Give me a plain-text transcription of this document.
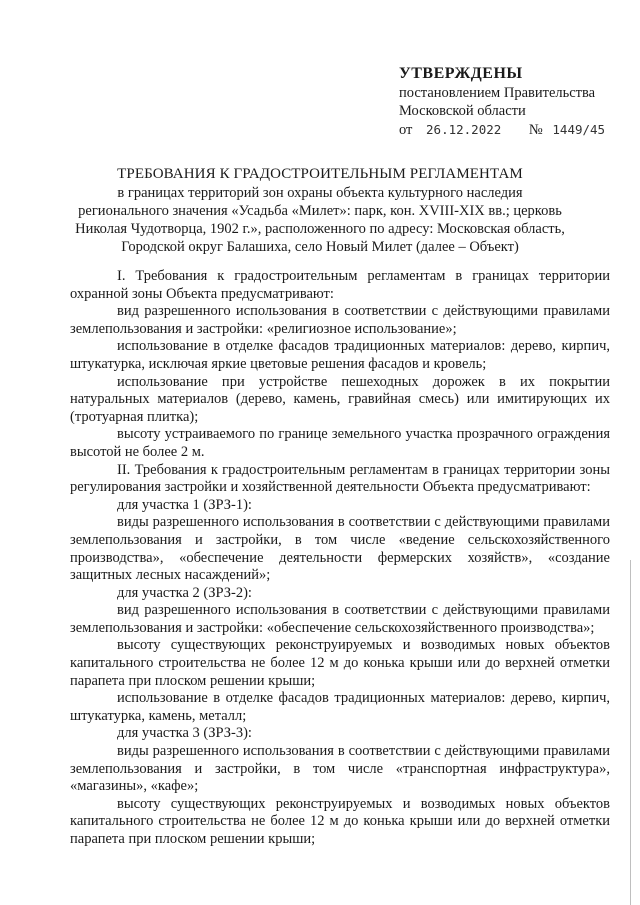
УТВЕРЖДЕНЫ
постановлением Правительства
Московской области
от 26.12.2022 № 1449/45
ТРЕБОВАНИЯ К ГРАДОСТРОИТЕЛЬНЫМ РЕГЛАМЕНТАМ
в границах территорий зон охраны объекта культурного наследия
регионального значения «Усадьба «Милет»: парк, кон. XVIII-XIX вв.; церковь
Николая Чудотворца, 1902 г.», расположенного по адресу: Московская область,
Городской округ Балашиха, село Новый Милет (далее – Объект)

I. Требования к градостроительным регламентам в границах территории охранной зоны Объекта предусматривают:

вид разрешенного использования в соответствии с действующими правилами землепользования и застройки: «религиозное использование»;

использование в отделке фасадов традиционных материалов: дерево, кирпич, штукатурка, исключая яркие цветовые решения фасадов и кровель;

использование при устройстве пешеходных дорожек в их покрытии натуральных материалов (дерево, камень, гравийная смесь) или имитирующих их (тротуарная плитка);

высоту устраиваемого по границе земельного участка прозрачного ограждения высотой не более 2 м.

II. Требования к градостроительным регламентам в границах территории зоны регулирования застройки и хозяйственной деятельности Объекта предусматривают:

для участка 1 (ЗРЗ-1):

виды разрешенного использования в соответствии с действующими правилами землепользования и застройки, в том числе «ведение сельскохозяйственного производства», «обеспечение деятельности фермерских хозяйств», «создание защитных лесных насаждений»;

для участка 2 (ЗРЗ-2):

вид разрешенного использования в соответствии с действующими правилами землепользования и застройки: «обеспечение сельскохозяйственного производства»;

высоту существующих реконструируемых и возводимых новых объектов капитального строительства не более 12 м до конька крыши или до верхней отметки парапета при плоском решении крыши;

использование в отделке фасадов традиционных материалов: дерево, кирпич, штукатурка, камень, металл;

для участка 3 (ЗРЗ-3):

виды разрешенного использования в соответствии с действующими правилами землепользования и застройки, в том числе «транспортная инфраструктура», «магазины», «кафе»;

высоту существующих реконструируемых и возводимых новых объектов капитального строительства не более 12 м до конька крыши или до верхней отметки парапета при плоском решении крыши;
